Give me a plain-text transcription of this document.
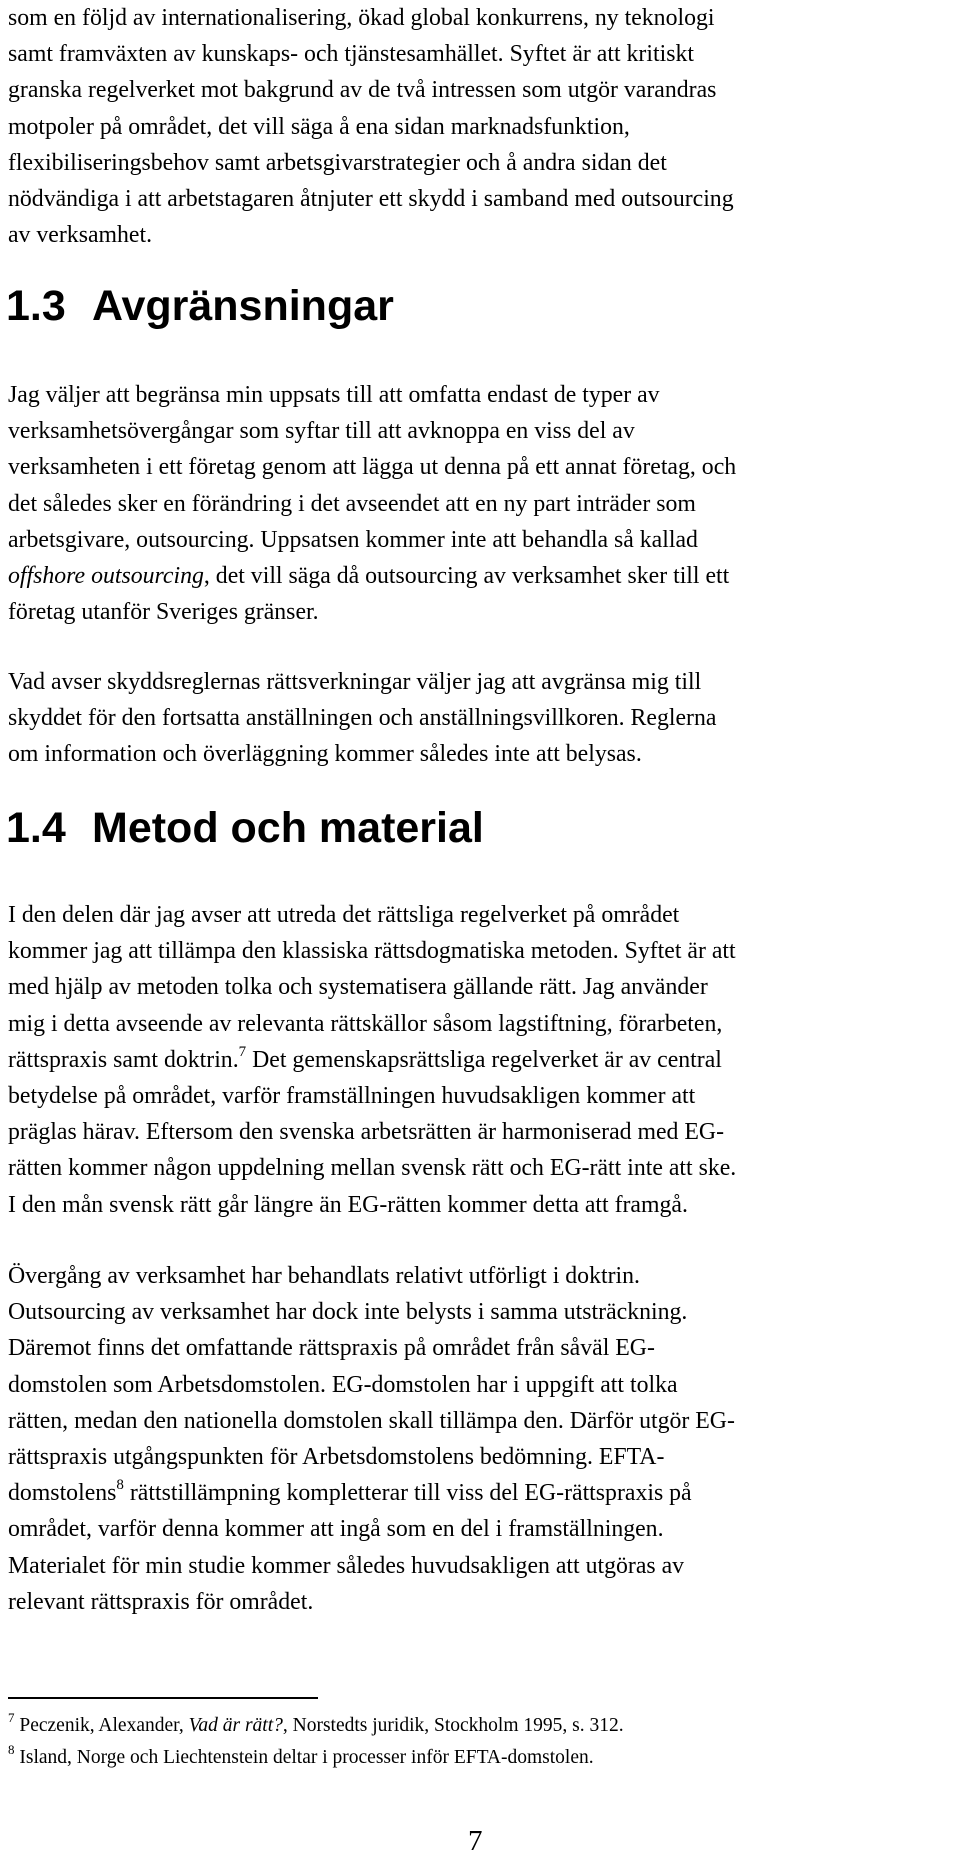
som en följd av internationalisering, ökad global konkurrens, ny teknologi
samt framväxten av kunskaps- och tjänstesamhället. Syftet är att kritiskt
granska regelverket mot bakgrund av de två intressen som utgör varandras
motpoler på området, det vill säga å ena sidan marknadsfunktion,
flexibiliseringsbehov samt arbetsgivarstrategier och å andra sidan det
nödvändiga i att arbetstagaren åtnjuter ett skydd i samband med outsourcing
av verksamhet.

1.3 Avgränsningar

Jag väljer att begränsa min uppsats till att omfatta endast de typer av
verksamhetsövergångar som syftar till att avknoppa en viss del av
verksamheten i ett företag genom att lägga ut denna på ett annat företag, och
det således sker en förändring i det avseendet att en ny part inträder som
arbetsgivare, outsourcing. Uppsatsen kommer inte att behandla så kallad
offshore outsourcing, det vill säga då outsourcing av verksamhet sker till ett
företag utanför Sveriges gränser.

Vad avser skyddsreglernas rättsverkningar väljer jag att avgränsa mig till
skyddet för den fortsatta anställningen och anställningsvillkoren. Reglerna
om information och överläggning kommer således inte att belysas.

1.4 Metod och material

I den delen där jag avser att utreda det rättsliga regelverket på området
kommer jag att tillämpa den klassiska rättsdogmatiska metoden. Syftet är att
med hjälp av metoden tolka och systematisera gällande rätt. Jag använder
mig i detta avseende av relevanta rättskällor såsom lagstiftning, förarbeten,
rättspraxis samt doktrin.$^7$ Det gemenskapsrättsliga regelverket är av central
betydelse på området, varför framställningen huvudsakligen kommer att
präglas härav. Eftersom den svenska arbetsrätten är harmoniserad med EG-
rätten kommer någon uppdelning mellan svensk rätt och EG-rätt inte att ske.
I den mån svensk rätt går längre än EG-rätten kommer detta att framgå.

Övergång av verksamhet har behandlats relativt utförligt i doktrin.
Outsourcing av verksamhet har dock inte belysts i samma utsträckning.
Däremot finns det omfattande rättspraxis på området från såväl EG-
domstolen som Arbetsdomstolen. EG-domstolen har i uppgift att tolka
rätten, medan den nationella domstolen skall tillämpa den. Därför utgör EG-
rättspraxis utgångspunkten för Arbetsdomstolens bedömning. EFTA-
domstolens$^8$ rättstillämpning kompletterar till viss del EG-rättspraxis på
området, varför denna kommer att ingå som en del i framställningen.
Materialet för min studie kommer således huvudsakligen att utgöras av
relevant rättspraxis för området.

$^7$ Peczenik, Alexander, Vad är rätt?, Norstedts juridik, Stockholm 1995, s. 312.

$^8$ Island, Norge och Liechtenstein deltar i processer inför EFTA-domstolen.

7
